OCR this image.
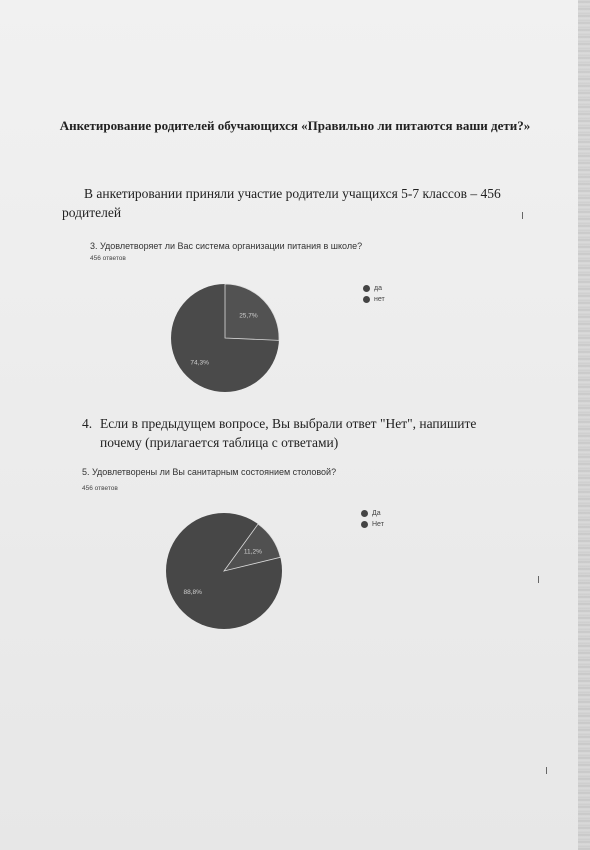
Анкетирование родителей обучающихся «Правильно ли питаются ваши дети?»

В анкетировании приняли участие родители учащихся 5-7 классов – 456

родителей

3. Удовлетворяет ли Вас система организации питания в школе?

456 ответов

25,7%
74,3%
да
нет

4. Если в предыдущем вопросе, Вы выбрали ответ "Нет", напишите
почему (прилагается таблица с ответами)

5. Удовлетворены ли Вы санитарным состоянием столовой?

456 ответов

11,2%
88,8%
Да
Нет
